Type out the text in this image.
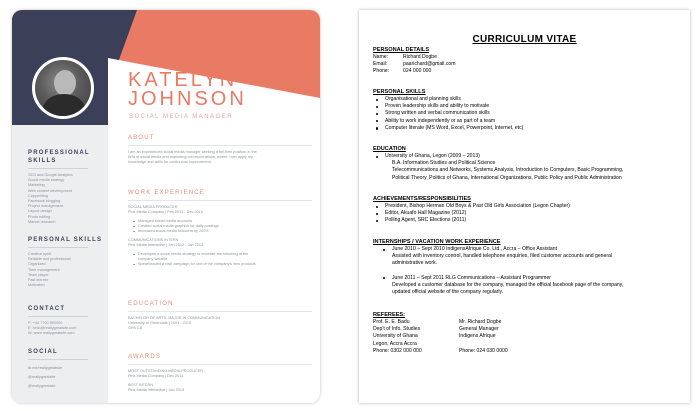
KATELYN
JOHNSON
SOCIAL MEDIA MANAGER
PROFESSIONAL SKILLS
SEO and Google Analytics
Social media strategy
Marketing
Web content development
Copywriting
Facebook blogging
Project management
Layout design
Photo editing
Market research
PERSONAL SKILLS
Creative spirit
Reliable and professional
Organized
Time management
Team player
Fast learner
Motivated
CONTACT
P: +44 7700 900000
E: hello@reallygreatsite.com
W: www.reallygreatsite.com
SOCIAL
fb.me/reallygreatsite
@reallygreatsite
@reallygreatsite
ABOUT
I am an experienced social media manager seeking a full-time position in the
field of social media and marketing communications, where I can apply my
knowledge and skills for continuous improvement.
WORK EXPERIENCE
SOCIAL MEDIA PRODUCER
Pink Media Company | Feb 2013 - Dec 2014
Managed social media accounts
Created social media graphics for daily postings
Increased social media followers by 200%
COMMUNICATIONS INTERN
Pink Media Interactive | Jan 2012 - Jan 2013
Developed a social media strategy to increase the following of the
company website
Spearheaded a viral campaign for one of the company's new products
EDUCATION
BACHELOR OF ARTS, MAJOR IN COMMUNICATION
University of Greendale | 2009 - 2013
GPA 3.8
AWARDS
MOST OUTSTANDING MEDIA PRODUCER
Pink Media Company | Dec 2014
BEST INTERN
Pink Media Interactive | Jan 2013
CURRICULUM VITAE
PERSONAL DETAILS
Name:	Richard Dogbe
Email:	paarichard@gmail.com
Phone:	024 000 000
PERSONAL SKILLS
Organisational and planning skills
Proven leadership skills and ability to motivate
Strong written and verbal communication skills
Ability to work independently or as part of a team
Computer literate (MS Word, Excel, Powerpoint, Internet, etc)
EDUCATION
University of Ghana, Legon (2009 – 2013)
B.A. Information Studies and Political Science
Telecommunications and Networks, Systems Analysis, Introduction to Computers, Basic Programming,
Political Theory, Politics of Ghana, International Organizations, Public Policy and Public Administration
ACHIEVEMENTS/RESPONSIBILITIES
President, Bishop Herman Old Boys & Past Old Girls Association (Legon Chapter)
Editor, Akuafo Hall Magazine (2012)
Polling Agent, SRC Elections (2011)
INTERNSHIPS / VACATION WORK EXPERIENCE
June 2010 – Sept 2010 IndigensAfrique Co. Ltd., Accra – Office Assistant
Assisted with inventory control, handled telephone enquiries, filed customer accounts and general
administrative work.
June 2011 – Sept 2011 RLG Communications – Assistant Programmer
Developed a customer database for the company, managed the official facebook page of the company,
updated official website of the company regularly.
REFEREES:
Prof. E. E. Badu
Dep't of Info. Studies
University of Ghana
Legon, Accra Accra
Phone: 0302 000 000
Mr. Richard Dogbe
General Manager
Indigens Afrique
Phone: 024 030 0000
